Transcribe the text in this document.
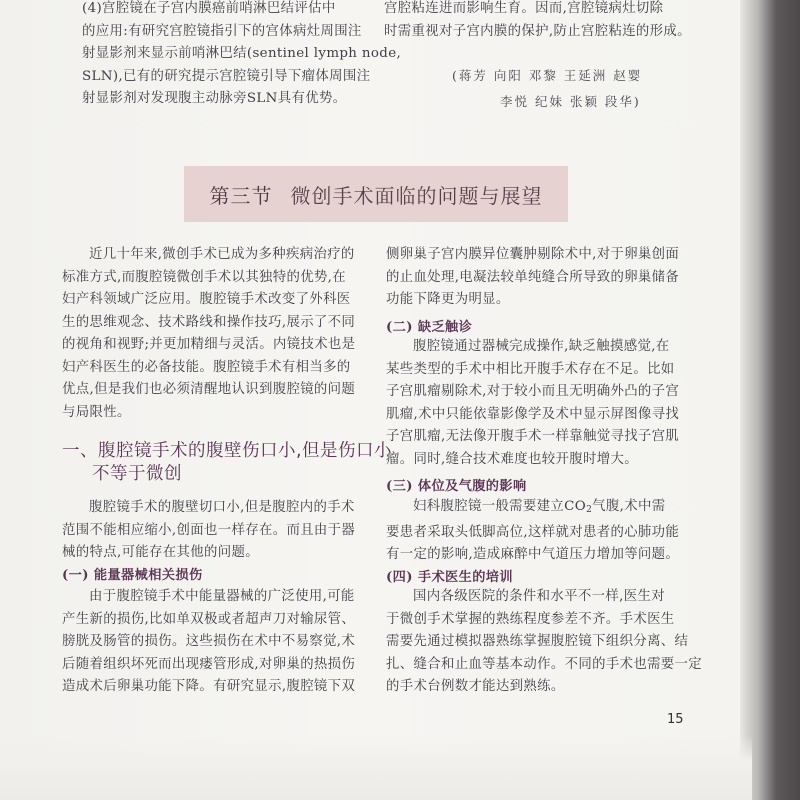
(4)宫腔镜在子宫内膜癌前哨淋巴结评估中
的应用:有研究宫腔镜指引下的宫体病灶周围注
射显影剂来显示前哨淋巴结(sentinel lymph node,
SLN),已有的研究提示宫腔镜引导下瘤体周围注
射显影剂对发现腹主动脉旁SLN具有优势。
宫腔粘连进而影响生育。因而,宫腔镜病灶切除
时需重视对子宫内膜的保护,防止宫腔粘连的形成。
(蒋芳 向阳 邓黎 王延洲 赵婴
李悦 纪妹 张颖 段华)
第三节 微创手术面临的问题与展望
近几十年来,微创手术已成为多种疾病治疗的
标准方式,而腹腔镜微创手术以其独特的优势,在
妇产科领域广泛应用。腹腔镜手术改变了外科医
生的思维观念、技术路线和操作技巧,展示了不同
的视角和视野;并更加精细与灵活。内镜技术也是
妇产科医生的必备技能。腹腔镜手术有相当多的
优点,但是我们也必须清醒地认识到腹腔镜的问题
与局限性。
一、腹腔镜手术的腹壁伤口小,但是伤口小
不等于微创
腹腔镜手术的腹壁切口小,但是腹腔内的手术
范围不能相应缩小,创面也一样存在。而且由于器
械的特点,可能存在其他的问题。
(一) 能量器械相关损伤
由于腹腔镜手术中能量器械的广泛使用,可能
产生新的损伤,比如单双极或者超声刀对输尿管、
膀胱及肠管的损伤。这些损伤在术中不易察觉,术
后随着组织坏死而出现瘘管形成,对卵巢的热损伤
造成术后卵巢功能下降。有研究显示,腹腔镜下双
侧卵巢子宫内膜异位囊肿剔除术中,对于卵巢创面
的止血处理,电凝法较单纯缝合所导致的卵巢储备
功能下降更为明显。
(二) 缺乏触诊
腹腔镜通过器械完成操作,缺乏触摸感觉,在
某些类型的手术中相比开腹手术存在不足。比如
子宫肌瘤剔除术,对于较小而且无明确外凸的子宫
肌瘤,术中只能依靠影像学及术中显示屏图像寻找
子宫肌瘤,无法像开腹手术一样靠触觉寻找子宫肌
瘤。同时,缝合技术难度也较开腹时增大。
(三) 体位及气腹的影响
妇科腹腔镜一般需要建立$CO_2$气腹,术中需
要患者采取头低脚高位,这样就对患者的心肺功能
有一定的影响,造成麻醉中气道压力增加等问题。
(四) 手术医生的培训
国内各级医院的条件和水平不一样,医生对
于微创手术掌握的熟练程度参差不齐。手术医生
需要先通过模拟器熟练掌握腹腔镜下组织分离、结
扎、缝合和止血等基本动作。不同的手术也需要一定
的手术台例数才能达到熟练。
15
